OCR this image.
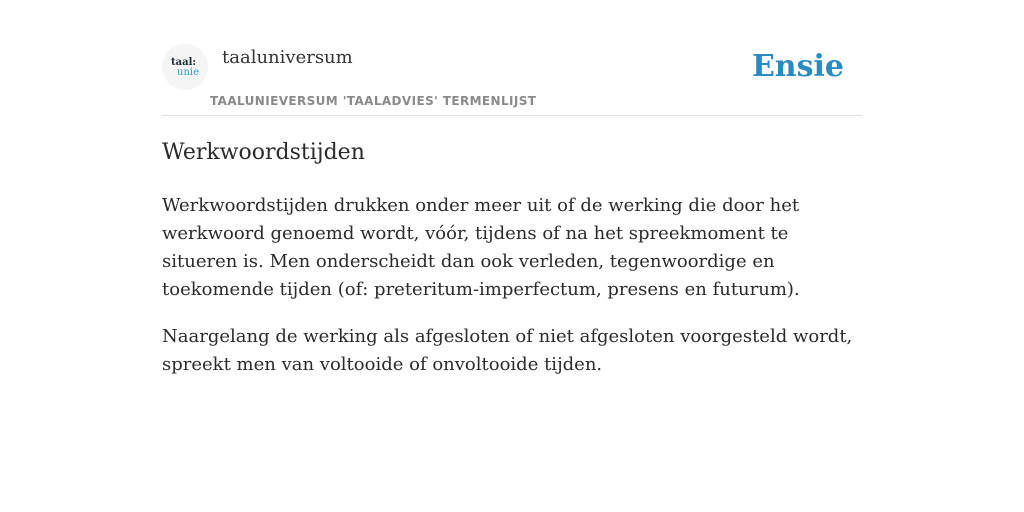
taal:
unie
taaluniversum
TAALUNIEVERSUM 'TAALADVIES' TERMENLIJST
Ensie
Werkwoordstijden

Werkwoordstijden drukken onder meer uit of de werking die door het werkwoord genoemd wordt, vóór, tijdens of na het spreekmoment te situeren is. Men onderscheidt dan ook verleden, tegenwoordige en toekomende tijden (of: preteritum-imperfectum, presens en futurum).

Naargelang de werking als afgesloten of niet afgesloten voorgesteld wordt, spreekt men van voltooide of onvoltooide tijden.
